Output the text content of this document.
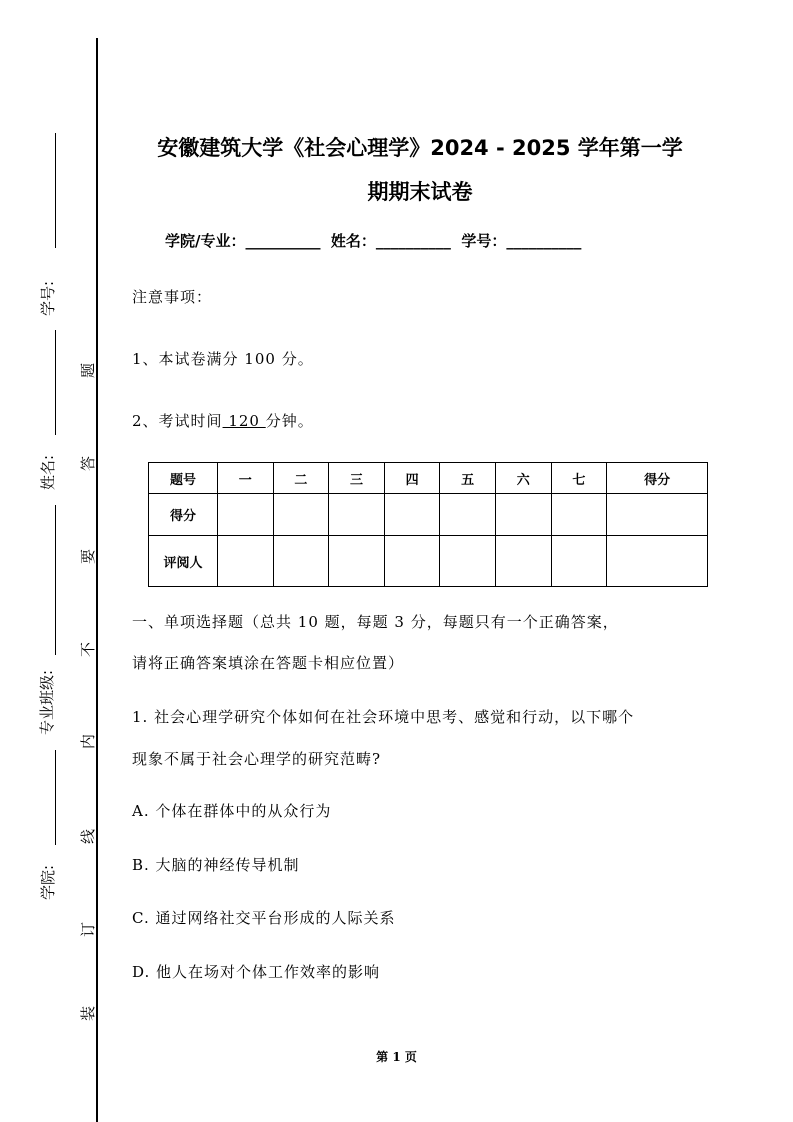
学号:
姓名:
专业班级:
学院:
题
答
要
不
内
线
订
装
安徽建筑大学《社会心理学》2024 - 2025 学年第一学
期期末试卷
学院/专业：__________  姓名：__________  学号：__________
注意事项：
1、本试卷满分 100 分。
2、考试时间 120 分钟。
题号	一	二	三	四	五	六	七	得分
得分								
评阅人								
一、单项选择题（总共 10 题，每题 3 分，每题只有一个正确答案，
请将正确答案填涂在答题卡相应位置）
1. 社会心理学研究个体如何在社会环境中思考、感觉和行动，以下哪个
现象不属于社会心理学的研究范畴?
A. 个体在群体中的从众行为
B. 大脑的神经传导机制
C. 通过网络社交平台形成的人际关系
D. 他人在场对个体工作效率的影响
第 1 页
